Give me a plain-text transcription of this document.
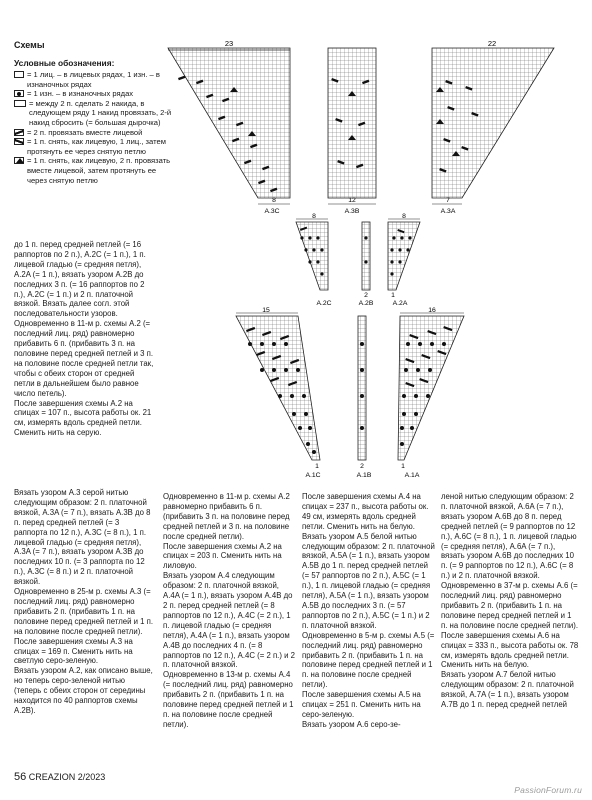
Схемы
Условные обозначения:
= 1 лиц. – в лицевых рядах, 1 изн. – в изнаночных рядах
= 1 изн. – в изнаночных рядах
= между 2 п. сделать 2 накида, в следующем ряду 1 накид провязать, 2-й накид сбросить (= большая дырочка)
= 2 п. провязать вместе лицевой
= 1 п. снять, как лицевую, 1 лиц., затем протянуть ее через снятую петлю
= 1 п. снять, как лицевую, 2 п. провязать вместе лицевой, затем протянуть ее через снятую петлю
23	22
8
A.3C
12
A.3B
7
A.3A
8	8
2	1
A.2C	A.2B	A.2A
15	16
1	2	1
A.1C	A.1B	A.1A

до 1 п. перед средней петлей (= 16 раппортов по 2 п.), A.2C (= 1 п.), 1 п. лицевой гладью (= средняя петля), A.2A (= 1 п.), вязать узором A.2B до последних 3 п. (= 16 раппортов по 2 п.), A.2C (= 1 п.) и 2 п. платочной вязкой. Вязать далее согл. этой последовательности узоров.

Одновременно в 11-м р. схемы A.2 (= последний лиц. ряд) равномерно прибавить 6 п. (прибавить 3 п. на половине перед средней петлей и 3 п. на половине после средней петли так, чтобы с обеих сторон от средней петли в дальнейшем было равное число петель).

После завершения схемы A.2 на спицах = 107 п., высота работы ок. 21 см, измерять вдоль средней петли. Сменить нить на серую.

Вязать узором A.3 серой нитью следующим образом: 2 п. платочной вязкой, A.3A (= 7 п.), вязать A.3B до 8 п. перед средней петлей (= 3 раппорта по 12 п.), A.3C (= 8 п.), 1 п. лицевой гладью (= средняя петля), A.3A (= 7 п.), вязать узором A.3B до последних 10 п. (= 3 раппорта по 12 п.), A.3C (= 8 п.) и 2 п. платочной вязкой.

Одновременно в 25-м р. схемы A.3 (= последний лиц. ряд) равномерно прибавить 2 п. (прибавить 1 п. на половине перед средней петлей и 1 п. на половине после средней петли).

После завершения схемы A.3 на спицах = 169 п. Сменить нить на светлую серо-зеленую.

Вязать узором A.2, как описано выше, но теперь серо-зеленой нитью (теперь с обеих сторон от середины находится по 40 раппортов схемы A.2B).

Одновременно в 11-м р. схемы A.2 равномерно прибавить 6 п. (прибавить 3 п. на половине перед средней петлей и 3 п. на половине после средней петли).

После завершения схемы A.2 на спицах = 203 п. Сменить нить на лиловую.

Вязать узором A.4 следующим образом: 2 п. платочной вязкой, A.4A (= 1 п.), вязать узором A.4B до 2 п. перед средней петлей (= 8 раппортов по 12 п.), A.4C (= 2 п.), 1 п. лицевой гладью (= средняя петля), A.4A (= 1 п.), вязать узором A.4B до последних 4 п. (= 8 раппортов по 12 п.), A.4C (= 2 п.) и 2 п. платочной вязкой.

Одновременно в 13-м р. схемы A.4 (= последний лиц. ряд) равномерно прибавить 2 п. (прибавить 1 п. на половине перед средней петлей и 1 п. на половине после средней петли).

После завершения схемы A.4 на спицах = 237 п., высота работы ок. 49 см, измерять вдоль средней петли. Сменить нить на белую.

Вязать узором A.5 белой нитью следующим образом: 2 п. платочной вязкой, A.5A (= 1 п.), вязать узором A.5B до 1 п. перед средней петлей (= 57 раппортов по 2 п.), A.5C (= 1 п.), 1 п. лицевой гладью (= средняя петля), A.5A (= 1 п.), вязать узором A.5B до последних 3 п. (= 57 раппортов по 2 п.), A.5C (= 1 п.) и 2 п. платочной вязкой.

Одновременно в 5-м р. схемы A.5 (= последний лиц. ряд) равномерно прибавить 2 п. (прибавить 1 п. на половине перед средней петлей и 1 п. на половине после средней петли).

После завершения схемы A.5 на спицах = 251 п. Сменить нить на серо-зеленую.

Вязать узором A.6 серо-зе-

леной нитью следующим образом: 2 п. платочной вязкой, A.6A (= 7 п.), вязать узором A.6B до 8 п. перед средней петлей (= 9 раппортов по 12 п.), A.6C (= 8 п.), 1 п. лицевой гладью (= средняя петля), A.6A (= 7 п.), вязать узором A.6B до последних 10 п. (= 9 раппортов по 12 п.), A.6C (= 8 п.) и 2 п. платочной вязкой.

Одновременно в 37-м р. схемы A.6 (= последний лиц. ряд) равномерно прибавить 2 п. (прибавить 1 п. на половине перед средней петлей и 1 п. на половине после средней петли).

После завершения схемы A.6 на спицах = 333 п., высота работы ок. 78 см, измерять вдоль средней петли. Сменить нить на белую.

Вязать узором A.7 белой нитью следующим образом: 2 п. платочной вязкой, A.7A (= 1 п.), вязать узором A.7B до 1 п. перед средней петлей

56 CREAZION 2/2023
PassionForum.ru
